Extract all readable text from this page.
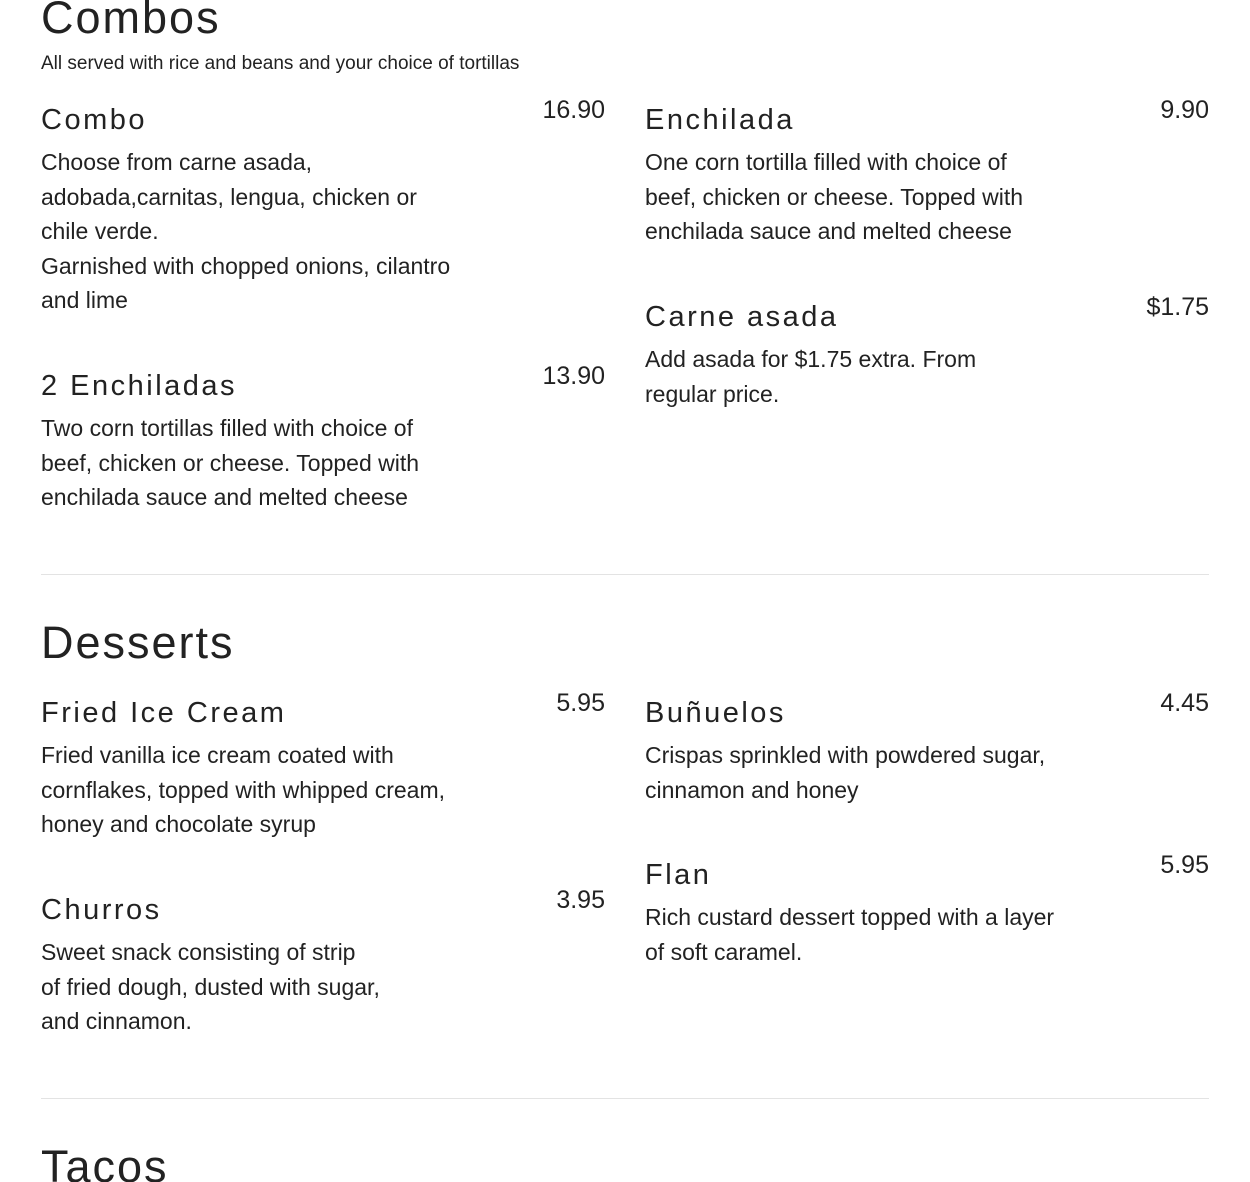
Combos

All served with rice and beans and your choice of tortillas

Combo	16.90

Choose from carne asada,
adobada,carnitas, lengua, chicken or
chile verde.
Garnished with chopped onions, cilantro
and lime

Enchilada	9.90

One corn tortilla filled with choice of
beef, chicken or cheese. Topped with
enchilada sauce and melted cheese

2 Enchiladas	13.90

Two corn tortillas filled with choice of
beef, chicken or cheese. Topped with
enchilada sauce and melted cheese

Carne asada	$1.75

Add asada for $1.75 extra. From
regular price.

Desserts
Fried Ice Cream	5.95

Fried vanilla ice cream coated with
cornflakes, topped with whipped cream,
honey and chocolate syrup

Buñuelos	4.45

Crispas sprinkled with powdered sugar,
cinnamon and honey

Churros	3.95

Sweet snack consisting of strip
of fried dough, dusted with sugar,
and cinnamon.

Flan	5.95

Rich custard dessert topped with a layer
of soft caramel.

Tacos
